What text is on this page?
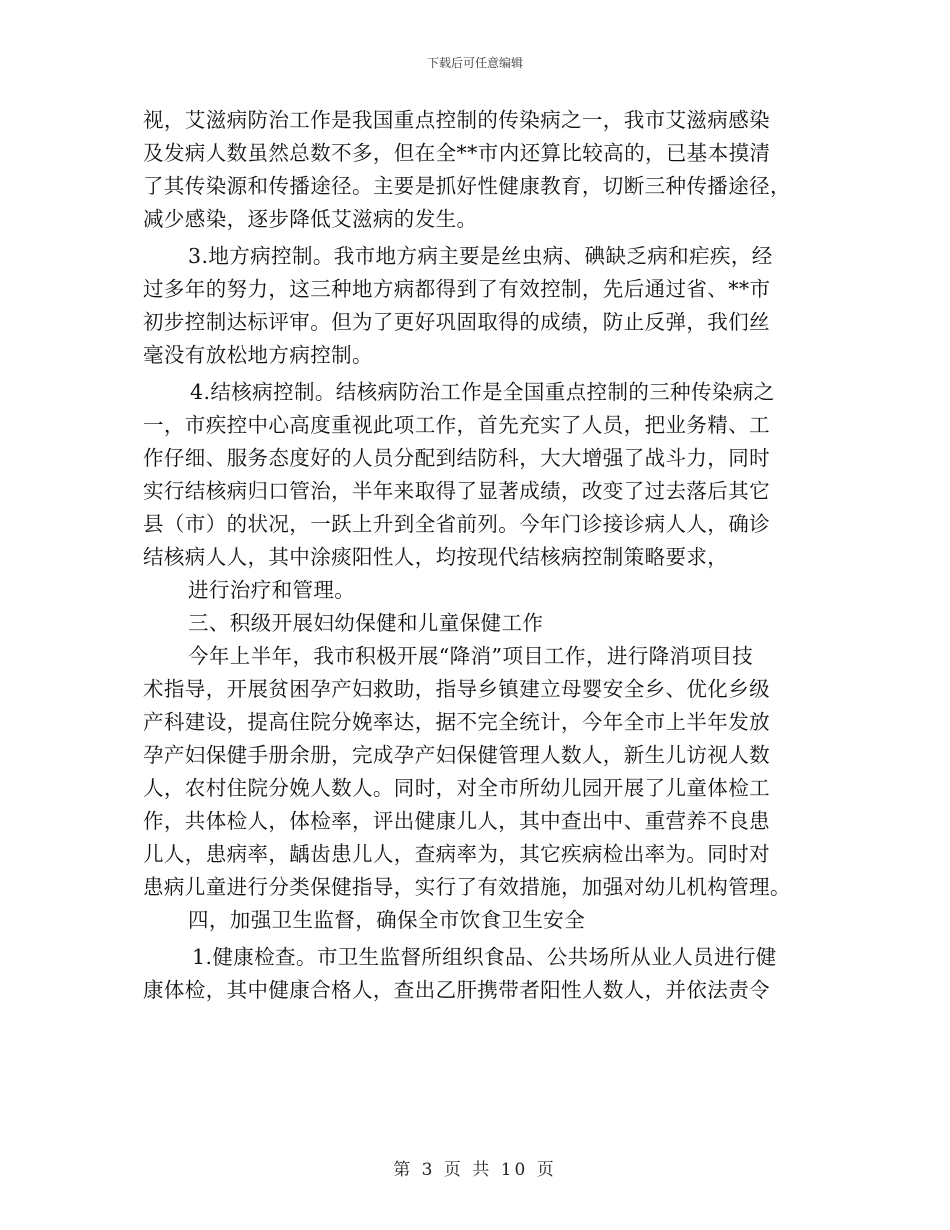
下载后可任意编辑
视，艾滋病防治工作是我国重点控制的传染病之一，我市艾滋病感染
及发病人数虽然总数不多，但在全**市内还算比较高的，已基本摸清
了其传染源和传播途径。主要是抓好性健康教育，切断三种传播途径，
减少感染，逐步降低艾滋病的发生。
3.地方病控制。我市地方病主要是丝虫病、碘缺乏病和疟疾，经
过多年的努力，这三种地方病都得到了有效控制，先后通过省、**市
初步控制达标评审。但为了更好巩固取得的成绩，防止反弹，我们丝
毫没有放松地方病控制。
4.结核病控制。结核病防治工作是全国重点控制的三种传染病之
一，市疾控中心高度重视此项工作，首先充实了人员，把业务精、工
作仔细、服务态度好的人员分配到结防科，大大增强了战斗力，同时
实行结核病归口管治，半年来取得了显著成绩，改变了过去落后其它
县（市）的状况，一跃上升到全省前列。今年门诊接诊病人人，确诊
结核病人人，其中涂痰阳性人，均按现代结核病控制策略要求，
进行治疗和管理。
三、积级开展妇幼保健和儿童保健工作
今年上半年，我市积极开展“降消”项目工作，进行降消项目技
术指导，开展贫困孕产妇救助，指导乡镇建立母婴安全乡、优化乡级
产科建设，提高住院分娩率达，据不完全统计，今年全市上半年发放
孕产妇保健手册余册，完成孕产妇保健管理人数人，新生儿访视人数
人，农村住院分娩人数人。同时，对全市所幼儿园开展了儿童体检工
作，共体检人，体检率，评出健康儿人，其中查出中、重营养不良患
儿人，患病率，龋齿患儿人，查病率为，其它疾病检出率为。同时对
患病儿童进行分类保健指导，实行了有效措施，加强对幼儿机构管理。
四，加强卫生监督，确保全市饮食卫生安全
1.健康检查。市卫生监督所组织食品、公共场所从业人员进行健
康体检，其中健康合格人，查出乙肝携带者阳性人数人，并依法责令
第 3 页 共 10 页
